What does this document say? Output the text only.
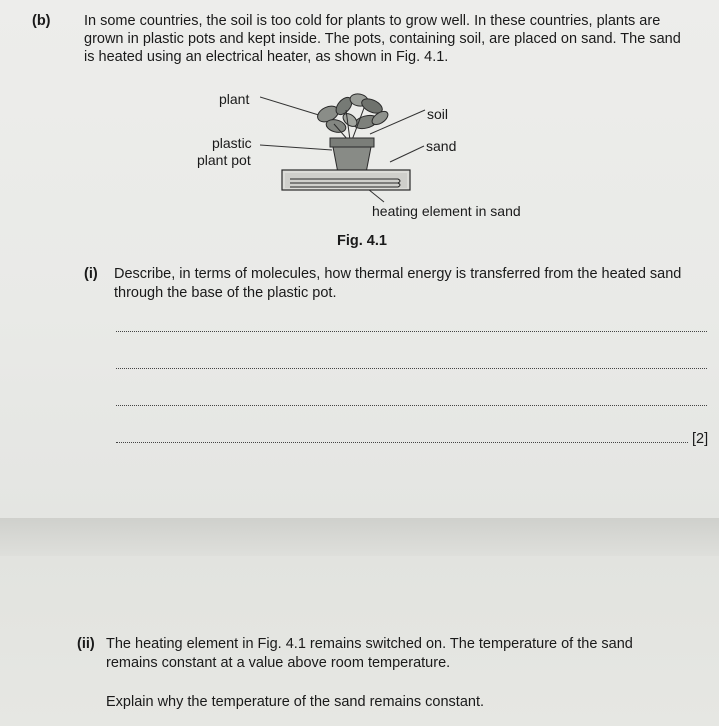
(b) In some countries, the soil is too cold for plants to grow well. In these countries, plants are
grown in plastic pots and kept inside. The pots, containing soil, are placed on sand. The sand
is heated using an electrical heater, as shown in Fig. 4.1.
plant
soil
plastic
plant pot
sand
heating element in sand
Fig. 4.1
(i) Describe, in terms of molecules, how thermal energy is transferred from the heated sand
through the base of the plastic pot.
[2]
(ii) The heating element in Fig. 4.1 remains switched on. The temperature of the sand
remains constant at a value above room temperature.
Explain why the temperature of the sand remains constant.
